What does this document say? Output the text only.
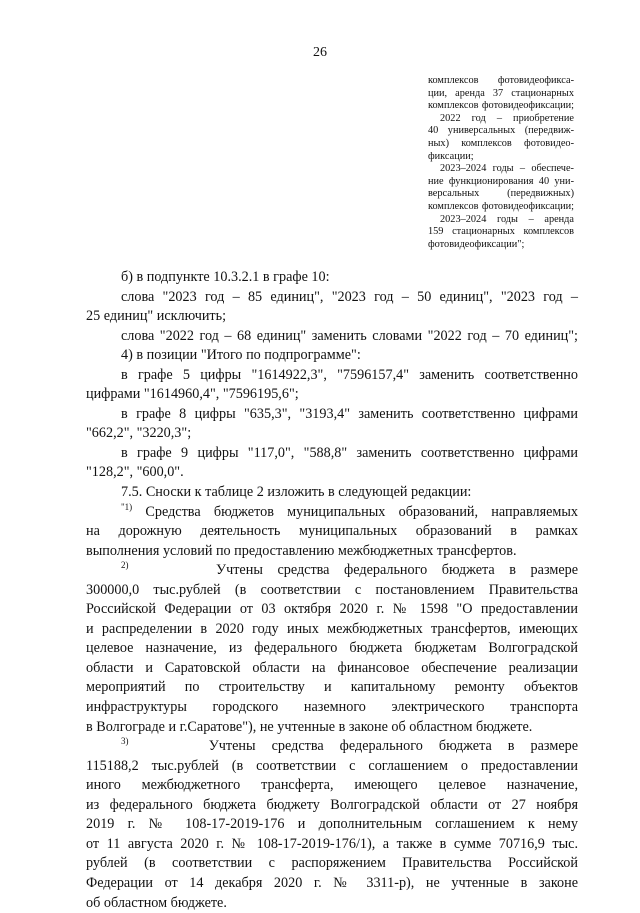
26

комплексов фотовидеофикса-

ции, аренда 37 стационарных

комплексов фотовидеофиксации;

2022 год – приобретение

40 универсальных (передвиж-

ных) комплексов фотовидео-

фиксации;

2023–2024 годы – обеспече-

ние функционирования 40 уни-

версальных (передвижных)

комплексов фотовидеофиксации;

2023–2024 годы – аренда

159 стационарных комплексов

фотовидеофиксации";

б) в подпункте 10.3.2.1 в графе 10:

слова "2023 год – 85 единиц", "2023 год – 50 единиц", "2023 год –

25 единиц" исключить;

слова "2022 год – 68 единиц" заменить словами "2022 год – 70 единиц";

4) в позиции "Итого по подпрограмме":

в графе 5 цифры "1614922,3", "7596157,4" заменить соответственно

цифрами "1614960,4", "7596195,6";

в графе 8 цифры "635,3", "3193,4" заменить соответственно цифрами

"662,2", "3220,3";

в графе 9 цифры "117,0", "588,8" заменить соответственно цифрами

"128,2", "600,0".

7.5. Сноски к таблице 2 изложить в следующей редакции:

$^{"1)}$ Средства бюджетов муниципальных образований, направляемых

на дорожную деятельность муниципальных образований в рамках

выполнения условий по предоставлению межбюджетных трансфертов.

$^{2)}$	Учтены средства федерального бюджета в размере

300000,0 тыс.рублей (в соответствии с постановлением Правительства

Российской Федерации от 03 октября 2020 г. № 1598 "О предоставлении

и распределении в 2020 году иных межбюджетных трансфертов, имеющих

целевое назначение, из федерального бюджета бюджетам Волгоградской

области и Саратовской области на финансовое обеспечение реализации

мероприятий по строительству и капитальному ремонту объектов

инфраструктуры городского наземного электрического транспорта

в Волгограде и г.Саратове"), не учтенные в законе об областном бюджете.

$^{3)}$	Учтены средства федерального бюджета в размере

115188,2 тыс.рублей (в соответствии с соглашением о предоставлении

иного межбюджетного трансферта, имеющего целевое назначение,

из федерального бюджета бюджету Волгоградской области от 27 ноября

2019 г. № 108-17-2019-176 и дополнительным соглашением к нему

от 11 августа 2020 г. № 108-17-2019-176/1), а также в сумме 70716,9 тыс.

рублей (в соответствии с распоряжением Правительства Российской

Федерации от 14 декабря 2020 г. № 3311-р), не учтенные в законе

об областном бюджете.
